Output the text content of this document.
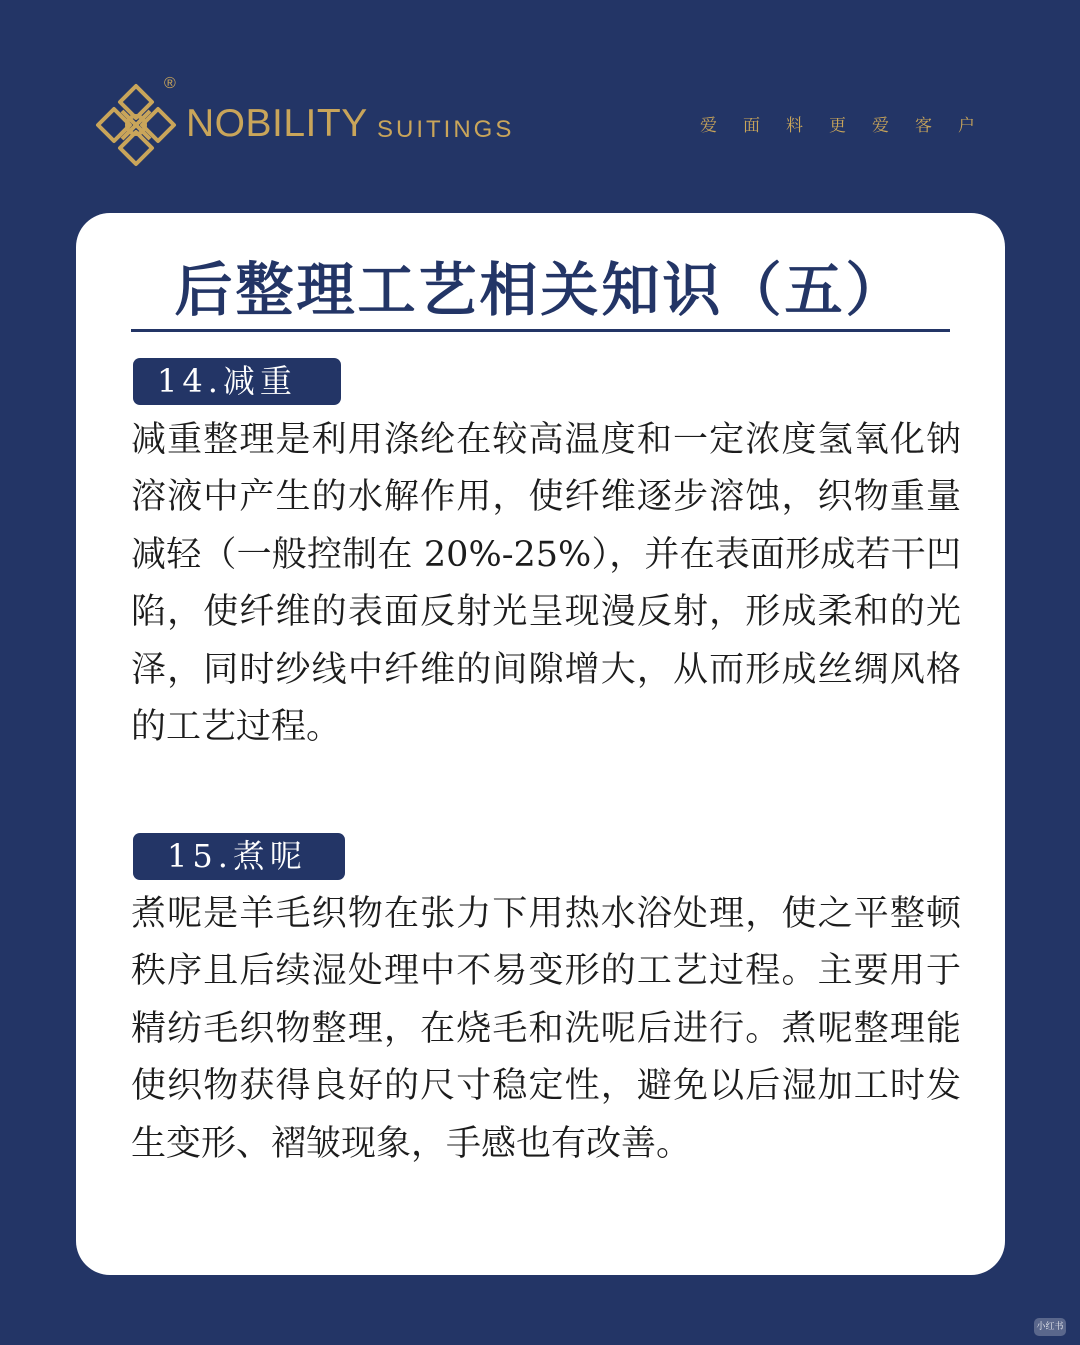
®
NOBILITY SUITINGS	爱面料更爱客户
后整理工艺相关知识（五）
14.减重

减重整理是利用涤纶在较高温度和一定浓度氢氧化钠溶液中产生的水解作用，使纤维逐步溶蚀，织物重量减轻（一般控制在 20%-25%），并在表面形成若干凹陷，使纤维的表面反射光呈现漫反射，形成柔和的光泽，同时纱线中纤维的间隙增大，从而形成丝绸风格的工艺过程。

15.煮呢

煮呢是羊毛织物在张力下用热水浴处理，使之平整顿秩序且后续湿处理中不易变形的工艺过程。主要用于精纺毛织物整理，在烧毛和洗呢后进行。煮呢整理能使织物获得良好的尺寸稳定性，避免以后湿加工时发生变形、褶皱现象，手感也有改善。

小红书
